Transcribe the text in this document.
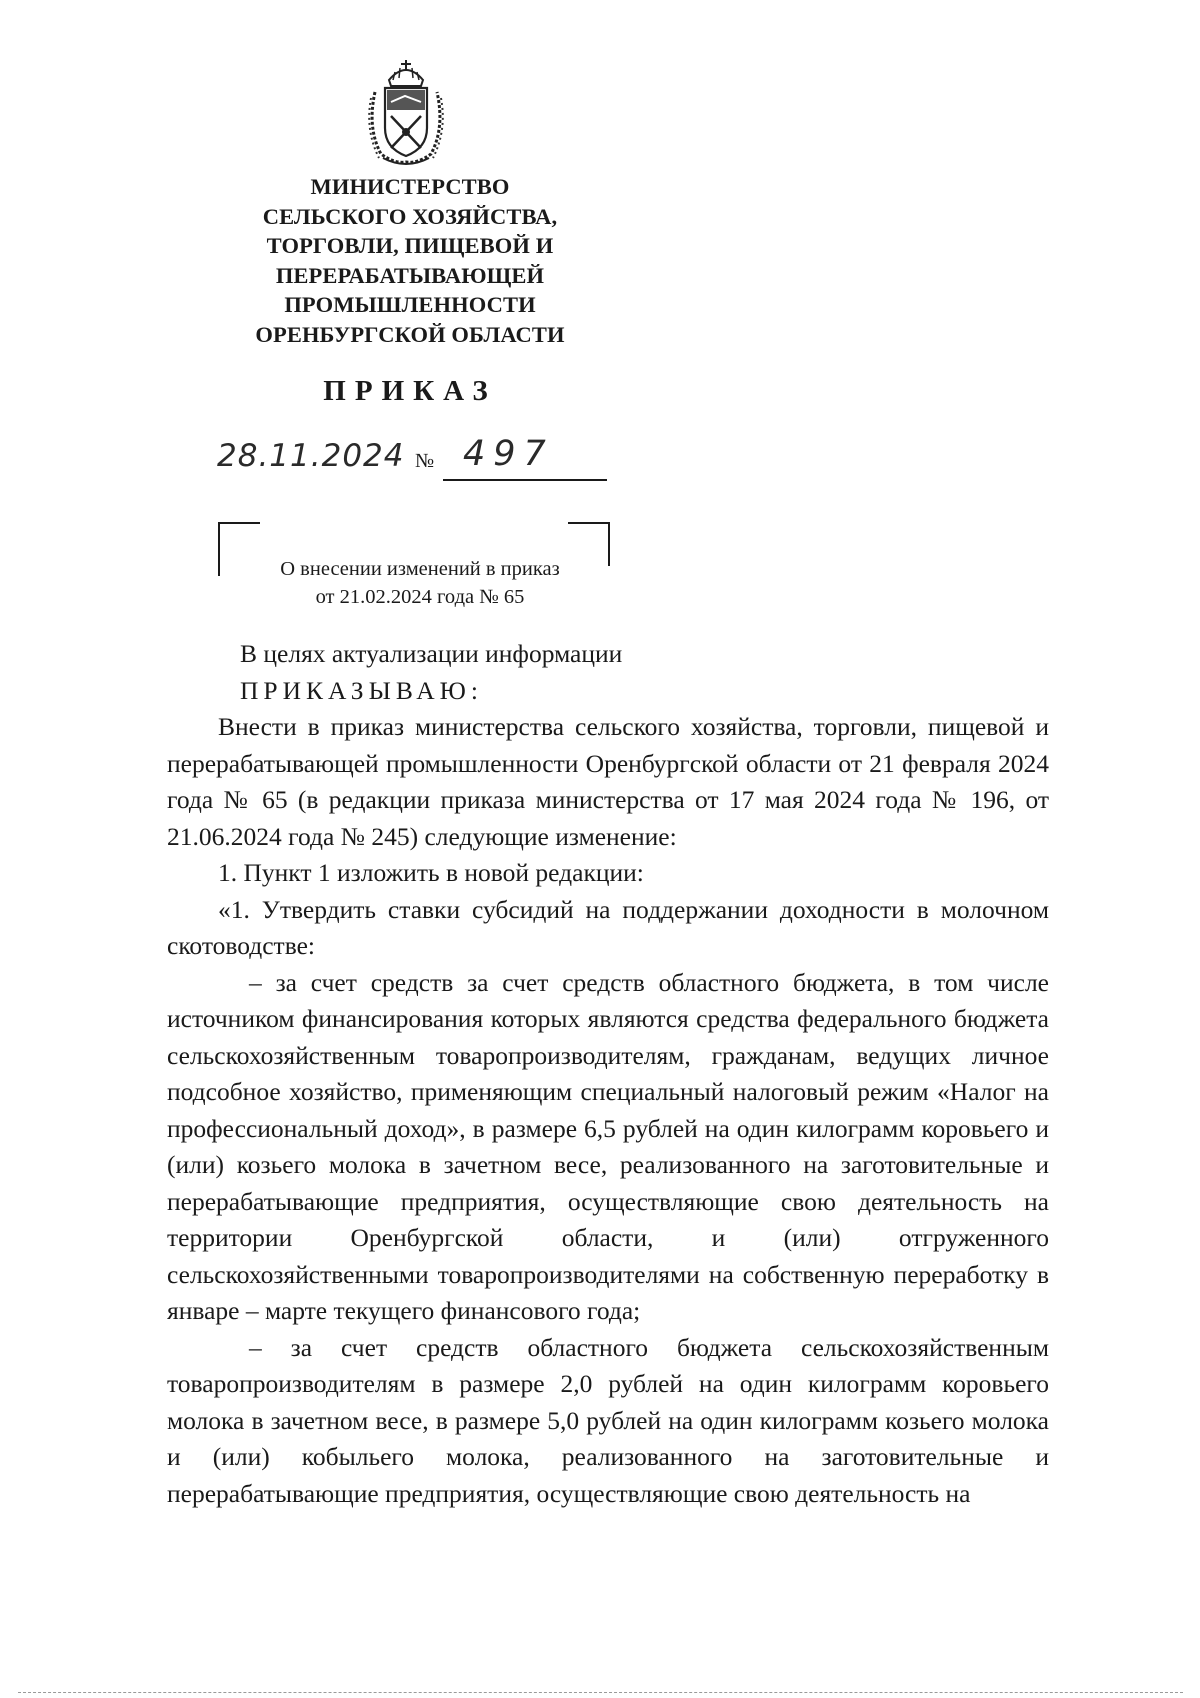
МИНИСТЕРСТВО
СЕЛЬСКОГО ХОЗЯЙСТВА,
ТОРГОВЛИ, ПИЩЕВОЙ И
ПЕРЕРАБАТЫВАЮЩЕЙ
ПРОМЫШЛЕННОСТИ
ОРЕНБУРГСКОЙ ОБЛАСТИ
ПРИКАЗ
28.11.2024 № 497
О внесении изменений в приказ
от 21.02.2024 года № 65

В целях актуализации информации

ПРИКАЗЫВАЮ:

Внести в приказ министерства сельского хозяйства, торговли, пищевой и перерабатывающей промышленности Оренбургской области от 21 февраля 2024 года № 65 (в редакции приказа министерства от 17 мая 2024 года № 196, от 21.06.2024 года № 245) следующие изменение:

1. Пункт 1 изложить в новой редакции:

«1. Утвердить ставки субсидий на поддержании доходности в молочном скотоводстве:

– за счет средств за счет средств областного бюджета, в том числе источником финансирования которых являются средства федерального бюджета сельскохозяйственным товаропроизводителям, гражданам, ведущих личное подсобное хозяйство, применяющим специальный налоговый режим «Налог на профессиональный доход», в размере 6,5 рублей на один килограмм коровьего и (или) козьего молока в зачетном весе, реализованного на заготовительные и перерабатывающие предприятия, осуществляющие свою деятельность на территории Оренбургской области, и (или) отгруженного сельскохозяйственными товаропроизводителями на собственную переработку в январе – марте текущего финансового года;

– за счет средств областного бюджета сельскохозяйственным товаропроизводителям в размере 2,0 рублей на один килограмм коровьего молока в зачетном весе, в размере 5,0 рублей на один килограмм козьего молока и (или) кобыльего молока, реализованного на заготовительные и перерабатывающие предприятия, осуществляющие свою деятельность на
